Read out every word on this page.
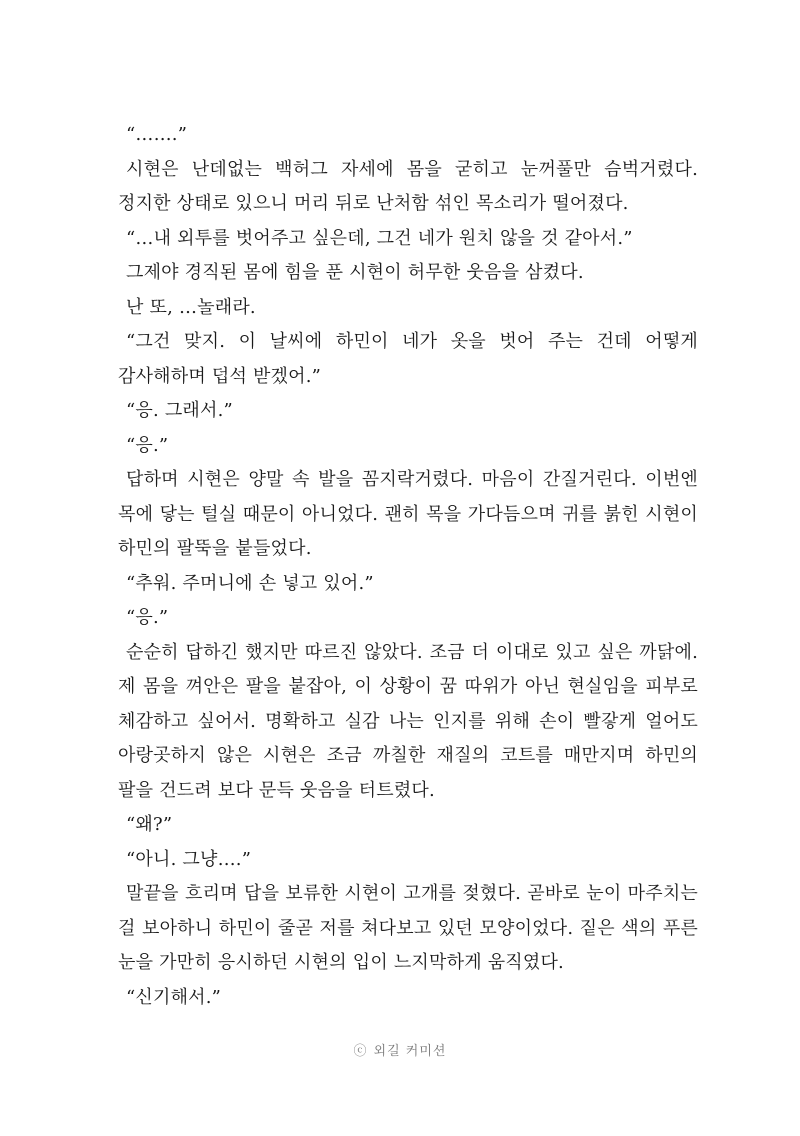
“…….”

시현은 난데없는 백허그 자세에 몸을 굳히고 눈꺼풀만 슴벅거렸다. 정지한 상태로 있으니 머리 뒤로 난처함 섞인 목소리가 떨어졌다.

“…내 외투를 벗어주고 싶은데, 그건 네가 원치 않을 것 같아서.”

그제야 경직된 몸에 힘을 푼 시현이 허무한 웃음을 삼켰다.

난 또, …놀래라.

“그건 맞지. 이 날씨에 하민이 네가 옷을 벗어 주는 건데 어떻게 감사해하며 덥석 받겠어.”

“응. 그래서.”

“응.”

답하며 시현은 양말 속 발을 꼼지락거렸다. 마음이 간질거린다. 이번엔 목에 닿는 털실 때문이 아니었다. 괜히 목을 가다듬으며 귀를 붉힌 시현이 하민의 팔뚝을 붙들었다.

“추워. 주머니에 손 넣고 있어.”

“응.”

순순히 답하긴 했지만 따르진 않았다. 조금 더 이대로 있고 싶은 까닭에. 제 몸을 껴안은 팔을 붙잡아, 이 상황이 꿈 따위가 아닌 현실임을 피부로 체감하고 싶어서. 명확하고 실감 나는 인지를 위해 손이 빨갛게 얼어도 아랑곳하지 않은 시현은 조금 까칠한 재질의 코트를 매만지며 하민의 팔을 건드려 보다 문득 웃음을 터트렸다.

“왜?”

“아니. 그냥….”

말끝을 흐리며 답을 보류한 시현이 고개를 젖혔다. 곧바로 눈이 마주치는 걸 보아하니 하민이 줄곧 저를 쳐다보고 있던 모양이었다. 짙은 색의 푸른 눈을 가만히 응시하던 시현의 입이 느지막하게 움직였다.

“신기해서.”

ⓒ 외길 커미션
